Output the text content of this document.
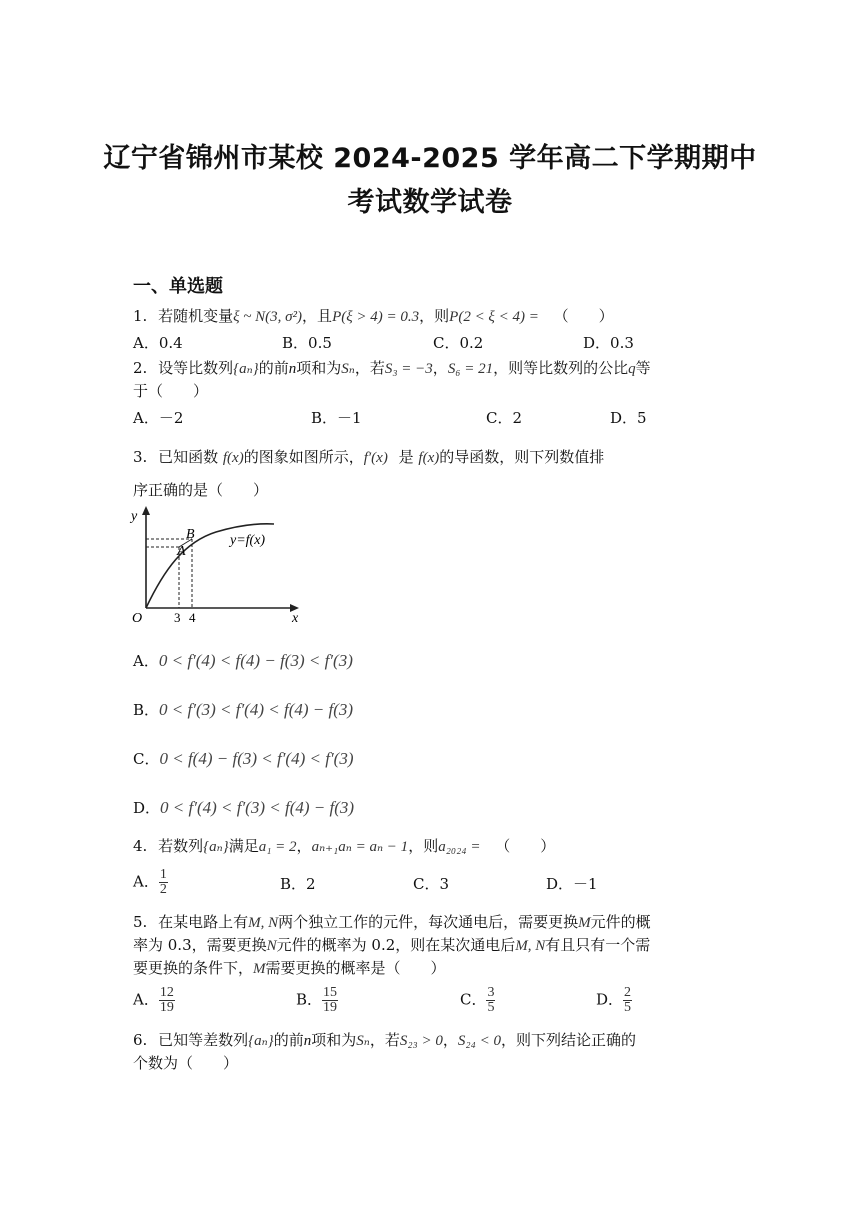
辽宁省锦州市某校 2024-2025 学年高二下学期期中
考试数学试卷
一、单选题
1. 若随机变量ξ ~ N(3, σ²)，且P(ξ > 4) = 0.3，则P(2 < ξ < 4) = （　　）
A．0.4	B．0.5	C．0.2	D．0.3
2. 设等比数列{aₙ}的前n项和为Sₙ，若S₃ = −3，S₆ = 21，则等比数列的公比q等
于（　　）
A．－2	B．－1	C．2	D．5
3. 已知函数 f(x)的图象如图所示，f′(x) 是 f(x)的导函数，则下列数值排
序正确的是（　　）
y
x
O
A
B
3 4
y=f(x)
A．0 < f′(4) < f(4) − f(3) < f′(3)
B．0 < f′(3) < f′(4) < f(4) − f(3)
C．0 < f(4) − f(3) < f′(4) < f′(3)
D．0 < f′(4) < f′(3) < f(4) − f(3)
4. 若数列{aₙ}满足a₁ = 2，aₙ₊₁aₙ = aₙ − 1，则a₂₀₂₄ = （　　）
A． $\frac{1}{2}$	B．2	C．3	D．－1
5. 在某电路上有M, N两个独立工作的元件，每次通电后，需要更换M元件的概
率为 0.3，需要更换N元件的概率为 0.2，则在某次通电后M, N有且只有一个需
要更换的条件下，M需要更换的概率是（　　）
A． $\frac{12}{19}$	B． $\frac{15}{19}$	C． $\frac{3}{5}$	D． $\frac{2}{5}$
6. 已知等差数列{aₙ}的前n项和为Sₙ，若S₂₃ > 0，S₂₄ < 0，则下列结论正确的
个数为（　　）
